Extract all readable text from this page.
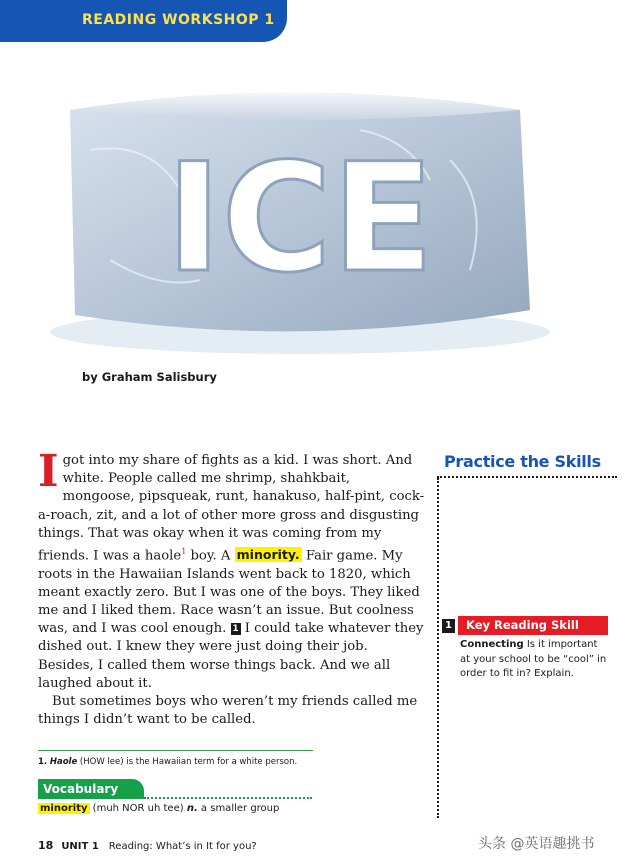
READING WORKSHOP 1
ICE
by Graham Salisbury

I got into my share of fights as a kid. I was short. And white. People called me shrimp, shahkbait, mongoose, pipsqueak, runt, hanakuso, half-pint, cock-a-roach, zit, and a lot of other more gross and disgusting things. That was okay when it was coming from my friends. I was a haole$^1$ boy. A minority. Fair game. My roots in the Hawaiian Islands went back to 1820, which meant exactly zero. But I was one of the boys. They liked me and I liked them. Race wasn’t an issue. But coolness was, and I was cool enough. 1 I could take whatever they dished out. I knew they were just doing their job. Besides, I called them worse things back. And we all laughed about it.

But sometimes boys who weren’t my friends called me things I didn’t want to be called.

Practice the Skills
1	Key Reading Skill
Connecting Is it important at your school to be “cool” in order to fit in? Explain.
1. Haole (HOW lee) is the Hawaiian term for a white person.
Vocabulary
minority (muh NOR uh tee) n. a smaller group
18 UNIT 1 Reading: What’s in It for you?	头条 @英语趣挑书
